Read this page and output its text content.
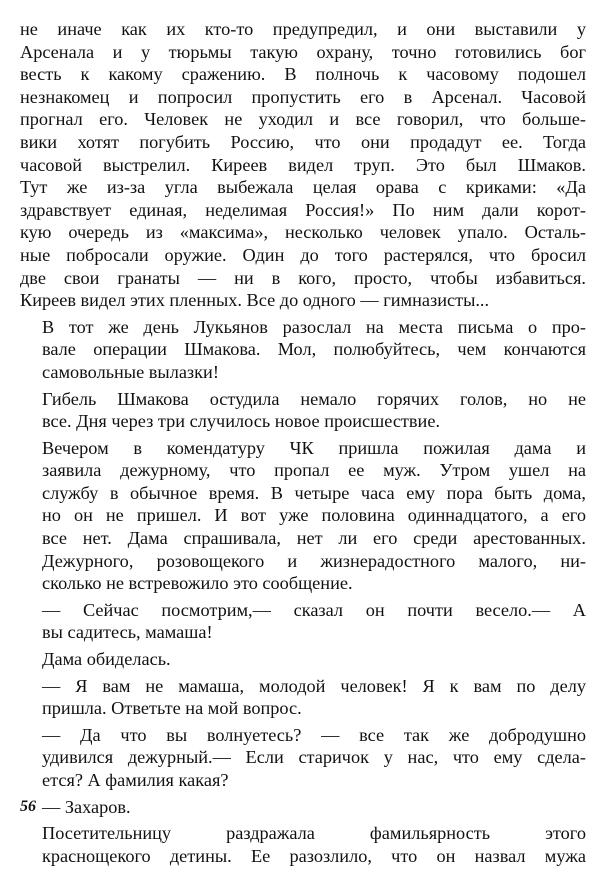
не иначе как их кто-то предупредил, и они выставили у
Арсенала и у тюрьмы такую охрану, точно готовились бог
весть к какому сражению. В полночь к часовому подошел
незнакомец и попросил пропустить его в Арсенал. Часовой
прогнал его. Человек не уходил и все говорил, что больше-
вики хотят погубить Россию, что они продадут ее. Тогда
часовой выстрелил. Киреев видел труп. Это был Шмаков.
Тут же из-за угла выбежала целая орава с криками: «Да
здравствует единая, неделимая Россия!» По ним дали корот-
кую очередь из «максима», несколько человек упало. Осталь-
ные побросали оружие. Один до того растерялся, что бросил
две свои гранаты — ни в кого, просто, чтобы избавиться.
Киреев видел этих пленных. Все до одного — гимназисты...
В тот же день Лукьянов разослал на места письма о про-
вале операции Шмакова. Мол, полюбуйтесь, чем кончаются
самовольные вылазки!
Гибель Шмакова остудила немало горячих голов, но не
все. Дня через три случилось новое происшествие.
Вечером в комендатуру ЧК пришла пожилая дама и
заявила дежурному, что пропал ее муж. Утром ушел на
службу в обычное время. В четыре часа ему пора быть дома,
но он не пришел. И вот уже половина одиннадцатого, а его
все нет. Дама спрашивала, нет ли его среди арестованных.
Дежурного, розовощекого и жизнерадостного малого, ни-
сколько не встревожило это сообщение.
— Сейчас посмотрим,— сказал он почти весело.— А
вы садитесь, мамаша!
Дама обиделась.
— Я вам не мамаша, молодой человек! Я к вам по делу
пришла. Ответьте на мой вопрос.
— Да что вы волнуетесь? — все так же добродушно
удивился дежурный.— Если старичок у нас, что ему сдела-
ется? А фамилия какая?
— Захаров.
Посетительницу раздражала фамильярность этого
краснощекого детины. Ее разозлило, что он назвал мужа
56
